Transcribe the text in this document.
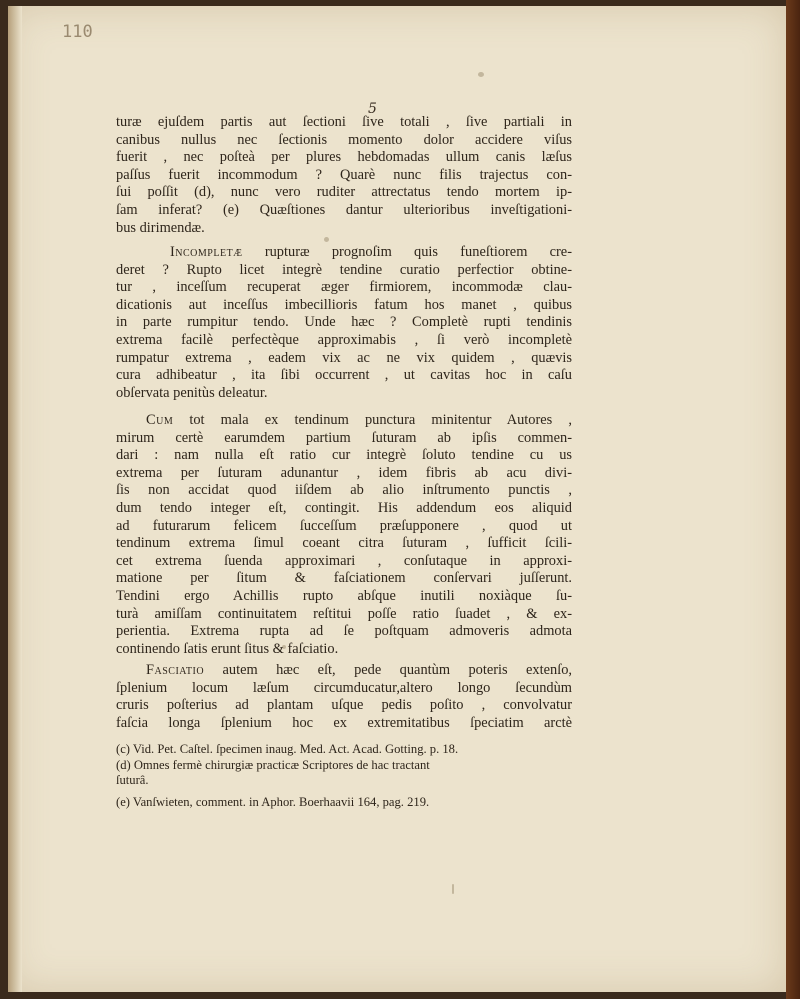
110
5
turæ ejuſdem partis aut ſectioni ſive totali , ſive partiali in
canibus nullus nec ſectionis momento dolor accidere viſus
fuerit , nec poſteà per plures hebdomadas ullum canis læſus
paſſus fuerit incommodum ? Quarè nunc filis trajectus con-
ſui poſſit (d), nunc vero ruditer attrectatus tendo mortem ip-
ſam inferat? (e) Quæſtiones dantur ulterioribus inveſtigationi-
bus dirimendæ.
Incompletæ rupturæ prognoſim quis funeſtiorem cre-
deret ? Rupto licet integrè tendine curatio perfectior obtine-
tur , inceſſum recuperat æger firmiorem, incommodæ clau-
dicationis aut inceſſus imbecillioris fatum hos manet , quibus
in parte rumpitur tendo. Unde hæc ? Completè rupti tendinis
extrema facilè perfectèque approximabis , ſi verò incompletè
rumpatur extrema , eadem vix ac ne vix quidem , quævis
cura adhibeatur , ita ſibi occurrent , ut cavitas hoc in caſu
obſervata penitùs deleatur.
Cum tot mala ex tendinum punctura minitentur Autores ,
mirum certè earumdem partium ſuturam ab ipſis commen-
dari : nam nulla eſt ratio cur integrè ſoluto tendine cu us
extrema per ſuturam adunantur , idem fibris ab acu divi-
ſis non accidat quod iiſdem ab alio inſtrumento punctis ,
dum tendo integer eſt, contingit. His addendum eos aliquid
ad futurarum felicem ſucceſſum præſupponere , quod ut
tendinum extrema ſimul coeant citra ſuturam , ſufficit ſcili-
cet extrema ſuenda approximari , conſutaque in approxi-
matione per ſitum & faſciationem conſervari juſſerunt.
Tendini ergo Achillis rupto abſque inutili noxiàque ſu-
turà amiſſam continuitatem reſtitui poſſe ratio ſuadet , & ex-
perientia. Extrema rupta ad ſe poſtquam admoveris admota
continendo ſatis erunt ſitus & faſciatio.
Fasciatio autem hæc eſt, pede quantùm poteris extenſo,
ſplenium locum læſum circumducatur,altero longo ſecundùm
cruris poſterius ad plantam uſque pedis poſito , convolvatur
faſcia longa ſplenium hoc ex extremitatibus ſpeciatim arctè
(c) Vid. Pet. Caſtel. ſpecimen inaug. Med. Act. Acad. Gotting. p. 18.
(d) Omnes fermè chirurgiæ practicæ Scriptores de hac tractant
ſuturâ.
(e) Vanſwieten, comment. in Aphor. Boerhaavii 164, pag. 219.
